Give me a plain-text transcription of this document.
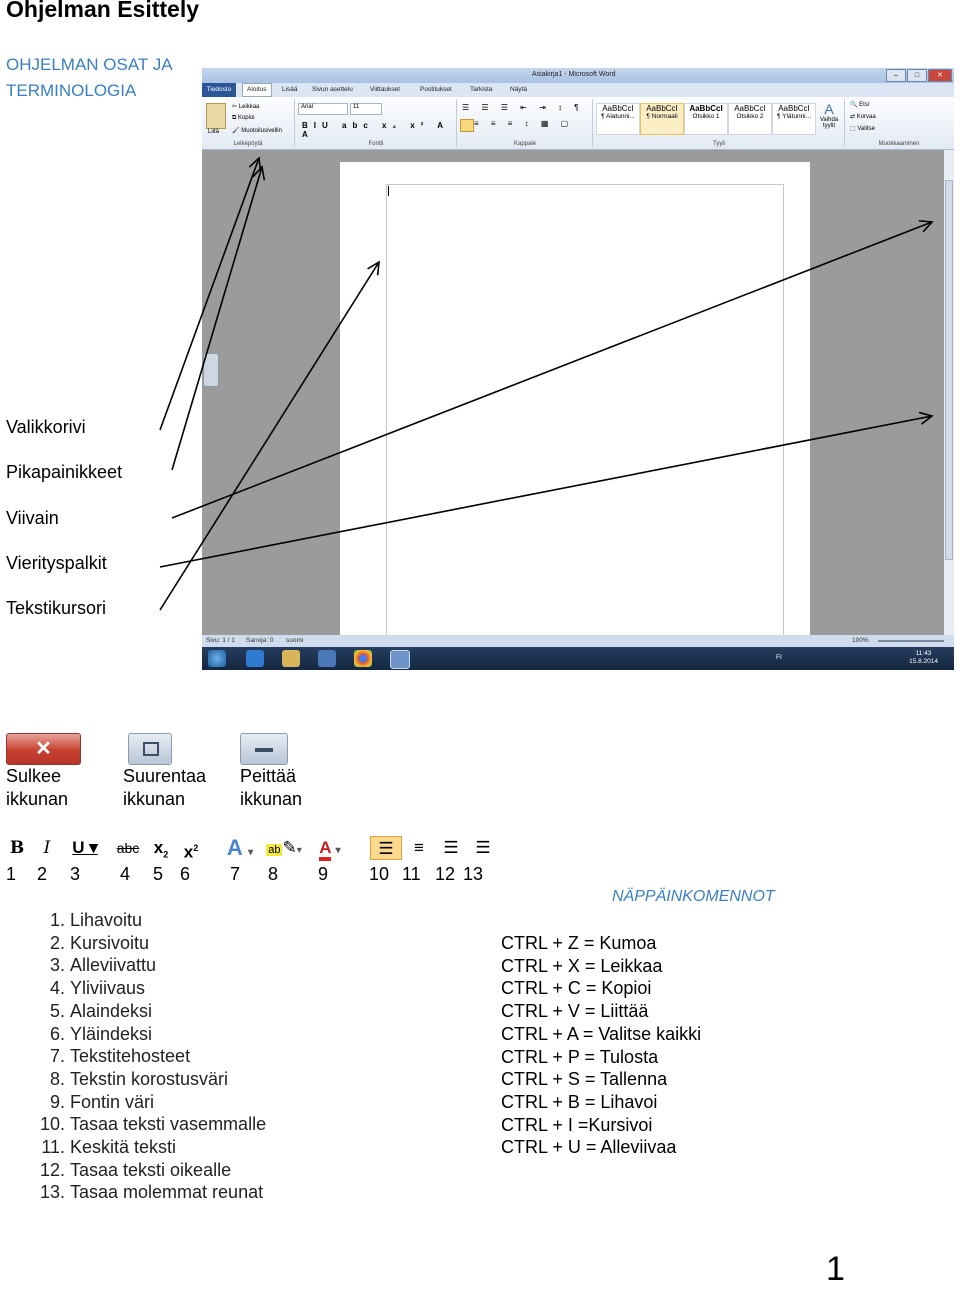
Ohjelman Esittely
OHJELMAN OSAT JA
TERMINOLOGIA
Valikkorivi
Pikapainikkeet
Viivain
Vierityspalkit
Tekstikursori
Asiakirja1 - Microsoft Word	–	□	✕
Tiedosto	Aloitus	Lisää Sivun asettelu	Viittaukset	Postitukset	Tarkista	Näytä
Liitä
✂ Leikkaa
⧉ Kopioi
🖌 Muotoilusivellin
Leikepöytä
Arial	11
BIU abc x₂ x² A A
Fontti
☰ ☰ ☰ ⇤ ⇥ ↕ ¶
≡ ≡ ≡ ↕ ▦ ▢
Kappale
AaBbCcI
¶ Alatunni...
AaBbCcI
¶ Normaali
AaBbCcI
Otsikko 1
AaBbCcI
Otsikko 2
AaBbCcI
¶ Ylätunni... A
Vaihda tyylit
Tyyli
🔍 Etsi
⇄ Korvaa
⬚ Valitse
Muokkaaminen
Sivu: 1 / 1 Sanoja: 0 suomi	100%
FI
11:43
15.8.2014
✕
Sulkee
ikkunan
Suurentaa
ikkunan
Peittää
ikkunan
B	I	U ▾	abc $x_2$ $x^2$	A ▾	ab ✎▾	A ▾	☰	≡	☰ ☰
1 2 3 4 5 6 7 8 9 10 11 12 13
1. Lihavoitu
2. Kursivoitu
3. Alleviivattu
4. Yliviivaus
5. Alaindeksi
6. Yläindeksi
7. Tekstitehosteet
8. Tekstin korostusväri
9. Fontin väri
10. Tasaa teksti vasemmalle
11. Keskitä teksti
12. Tasaa teksti oikealle
13. Tasaa molemmat reunat
NÄPPÄINKOMENNOT
CTRL + Z = Kumoa
CTRL + X = Leikkaa
CTRL + C = Kopioi
CTRL + V = Liittää
CTRL + A = Valitse kaikki
CTRL + P = Tulosta
CTRL + S = Tallenna
CTRL + B = Lihavoi
CTRL + I =Kursivoi
CTRL + U = Alleviivaa
1
